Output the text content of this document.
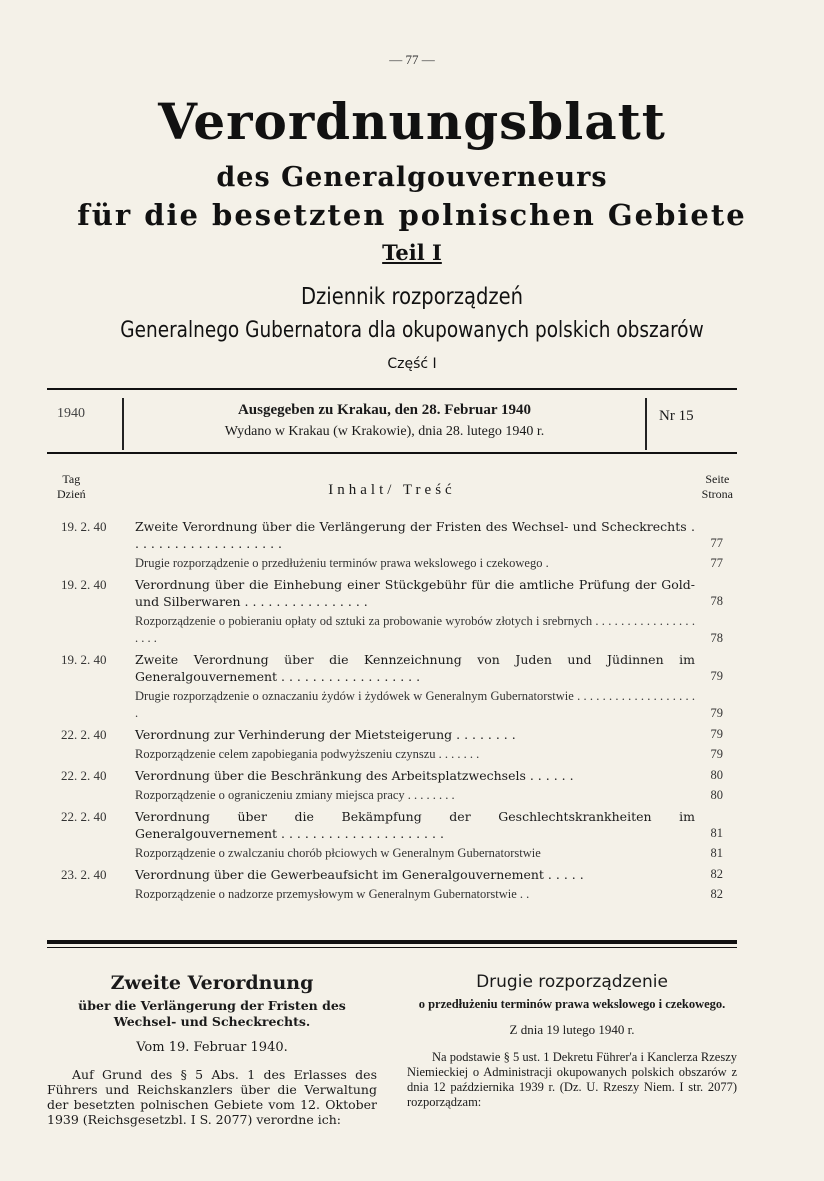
— 77 —
Verordnungsblatt
des Generalgouverneurs
für die besetzten polnischen Gebiete
Teil I
Dziennik rozporządzeń
Generalnego Gubernatora dla okupowanych polskich obszarów
Część I
1940	Ausgegeben zu Krakau, den 28. Februar 1940
Wydano w Krakau (w Krakowie), dnia 28. lutego 1940 r.
Nr 15
Tag
Dzień	Inhalt/ Treść
Seite
Strona
19. 2. 40	Zweite Verordnung über die Verlängerung der Fristen des Wechsel- und Scheckrechts . . . . . . . . . . . . . . . . . . . .	77
Drugie rozporządzenie o przedłużeniu terminów prawa wekslowego i czekowego .	77
19. 2. 40	Verordnung über die Einhebung einer Stückgebühr für die amtliche Prüfung der Gold- und Silberwaren . . . . . . . . . . . . . . . .	78
Rozporządzenie o pobieraniu opłaty od sztuki za probowanie wyrobów złotych i srebrnych . . . . . . . . . . . . . . . . . . . .	78
19. 2. 40	Zweite Verordnung über die Kennzeichnung von Juden und Jüdinnen im Generalgouvernement . . . . . . . . . . . . . . . . . .	79
Drugie rozporządzenie o oznaczaniu żydów i żydówek w Generalnym Gubernatorstwie . . . . . . . . . . . . . . . . . . . .	79
22. 2. 40	Verordnung zur Verhinderung der Mietsteigerung . . . . . . . .	79
Rozporządzenie celem zapobiegania podwyższeniu czynszu . . . . . . .	79
22. 2. 40	Verordnung über die Beschränkung des Arbeitsplatzwechsels . . . . . .	80
Rozporządzenie o ograniczeniu zmiany miejsca pracy . . . . . . . .	80
22. 2. 40	Verordnung über die Bekämpfung der Geschlechtskrankheiten im Generalgouvernement . . . . . . . . . . . . . . . . . . . . .	81
Rozporządzenie o zwalczaniu chorób płciowych w Generalnym Gubernatorstwie	81
23. 2. 40	Verordnung über die Gewerbeaufsicht im Generalgouvernement . . . . .	82
Rozporządzenie o nadzorze przemysłowym w Generalnym Gubernatorstwie . .	82
Zweite Verordnung
über die Verlängerung der Fristen des Wechsel- und Scheckrechts.
Vom 19. Februar 1940.
Auf Grund des § 5 Abs. 1 des Erlasses des Führers und Reichskanzlers über die Verwaltung der besetzten polnischen Gebiete vom 12. Oktober 1939 (Reichsgesetzbl. I S. 2077) verordne ich:
Drugie rozporządzenie
o przedłużeniu terminów prawa wekslowego i czekowego.
Z dnia 19 lutego 1940 r.
Na podstawie § 5 ust. 1 Dekretu Führer'a i Kanclerza Rzeszy Niemieckiej o Administracji okupowanych polskich obszarów z dnia 12 października 1939 r. (Dz. U. Rzeszy Niem. I str. 2077) rozporządzam:
